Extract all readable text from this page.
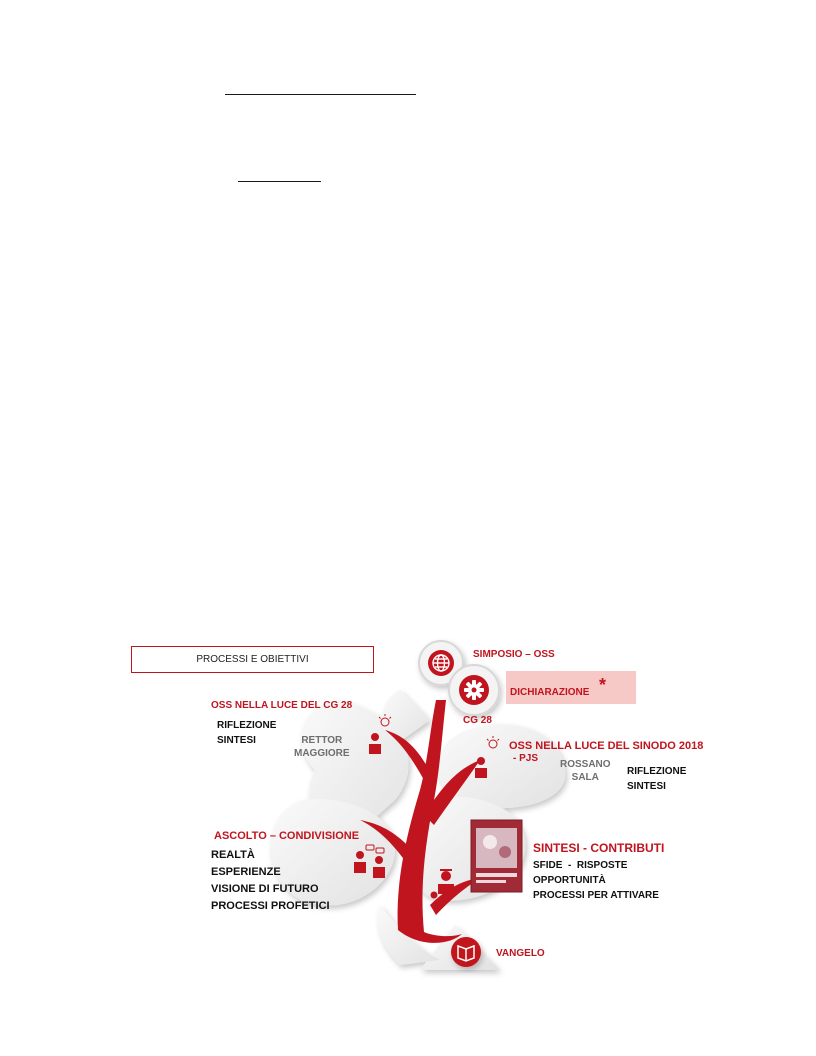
PROCESSI E OBIETTIVI	SIMPOSIO – OSS
DICHIARAZIONE *
CG 28
OSS NELLA LUCE DEL CG 28
RIFLEZIONE
SINTESI	RETTOR
MAGGIORE
OSS NELLA LUCE DEL SINODO 2018
- PJS
ROSSANO
SALA
RIFLEZIONE
SINTESI
ASCOLTO – CONDIVISIONE
REALTÀ
ESPERIENZE
VISIONE DI FUTURO
PROCESSI PROFETICI
SINTESI - CONTRIBUTI
SFIDE  -  RISPOSTE
OPPORTUNITÀ
PROCESSI PER ATTIVARE
VANGELO
